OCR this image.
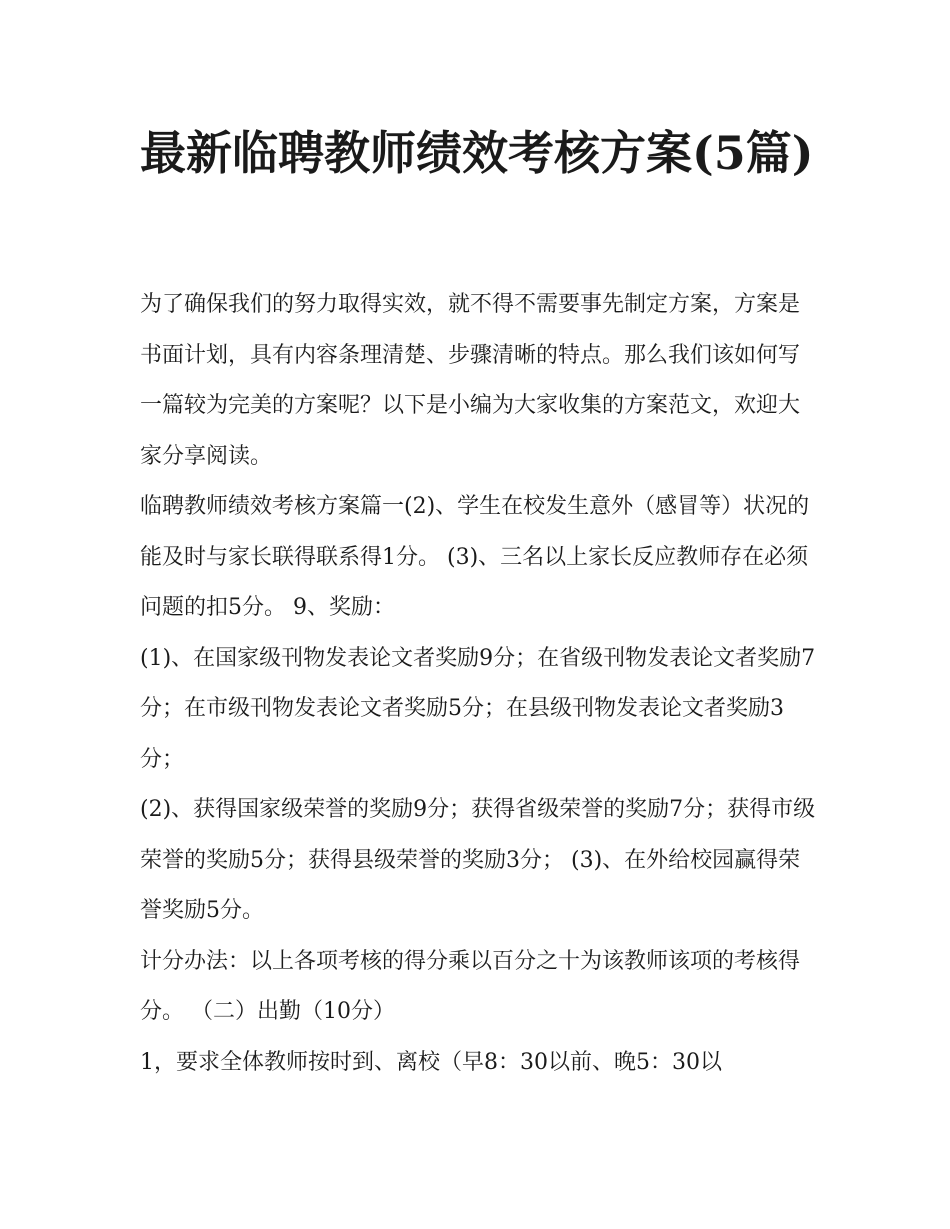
最新临聘教师绩效考核方案(5篇)

为了确保我们的努力取得实效，就不得不需要事先制定方案，方案是书面计划，具有内容条理清楚、步骤清晰的特点。那么我们该如何写一篇较为完美的方案呢？以下是小编为大家收集的方案范文，欢迎大家分享阅读。

临聘教师绩效考核方案篇一(2)、学生在校发生意外（感冒等）状况的能及时与家长联得联系得1分。 (3)、三名以上家长反应教师存在必须问题的扣5分。 9、奖励：

(1)、在国家级刊物发表论文者奖励9分；在省级刊物发表论文者奖励7分；在市级刊物发表论文者奖励5分；在县级刊物发表论文者奖励3分；

(2)、获得国家级荣誉的奖励9分；获得省级荣誉的奖励7分；获得市级荣誉的奖励5分；获得县级荣誉的奖励3分； (3)、在外给校园赢得荣誉奖励5分。

计分办法：以上各项考核的得分乘以百分之十为该教师该项的考核得分。 （二）出勤（10分）

1，要求全体教师按时到、离校（早8：30以前、晚5：30以
